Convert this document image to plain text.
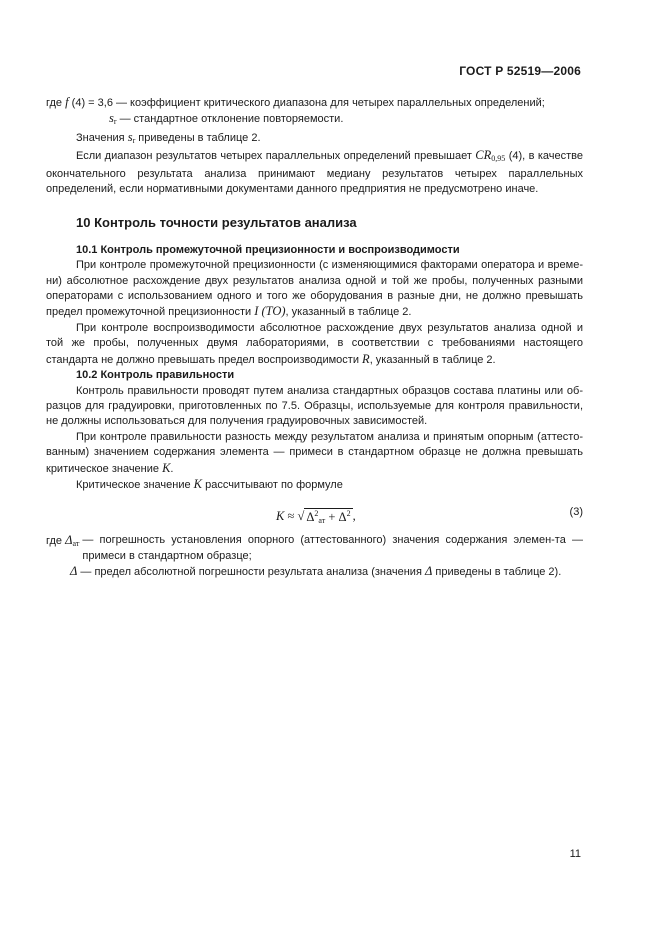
ГОСТ Р 52519—2006

где f (4) = 3,6 — коэффициент критического диапазона для четырех параллельных определений;

sr — стандартное отклонение повторяемости.

Значения sr приведены в таблице 2.

Если диапазон результатов четырех параллельных определений превышает CR0,95 (4), в качестве окончательного результата анализа принимают медиану результатов четырех параллельных определений, если нормативными документами данного предприятия не предусмотрено иначе.

10 Контроль точности результатов анализа

10.1 Контроль промежуточной прецизионности и воспроизводимости

При контроле промежуточной прецизионности (с изменяющимися факторами оператора и време-ни) абсолютное расхождение двух результатов анализа одной и той же пробы, полученных разными операторами с использованием одного и того же оборудования в разные дни, не должно превышать предел промежуточной прецизионности I (TO), указанный в таблице 2.

При контроле воспроизводимости абсолютное расхождение двух результатов анализа одной и той же пробы, полученных двумя лабораториями, в соответствии с требованиями настоящего стандарта не должно превышать предел воспроизводимости R, указанный в таблице 2.

10.2 Контроль правильности

Контроль правильности проводят путем анализа стандартных образцов состава платины или об-разцов для градуировки, приготовленных по 7.5. Образцы, используемые для контроля правильности, не должны использоваться для получения градуировочных зависимостей.

При контроле правильности разность между результатом анализа и принятым опорным (аттесто-ванным) значением содержания элемента — примеси в стандартном образце не должна превышать критическое значение K.

Критическое значение K рассчитывают по формуле

K ≈ √ $\Delta^2ат + \Delta^2$ ,	(3)
где Δат — погрешность установления опорного (аттестованного) значения содержания элемен-та — примеси в стандартном образце;

Δ — предел абсолютной погрешности результата анализа (значения Δ приведены в таблице 2).

11
